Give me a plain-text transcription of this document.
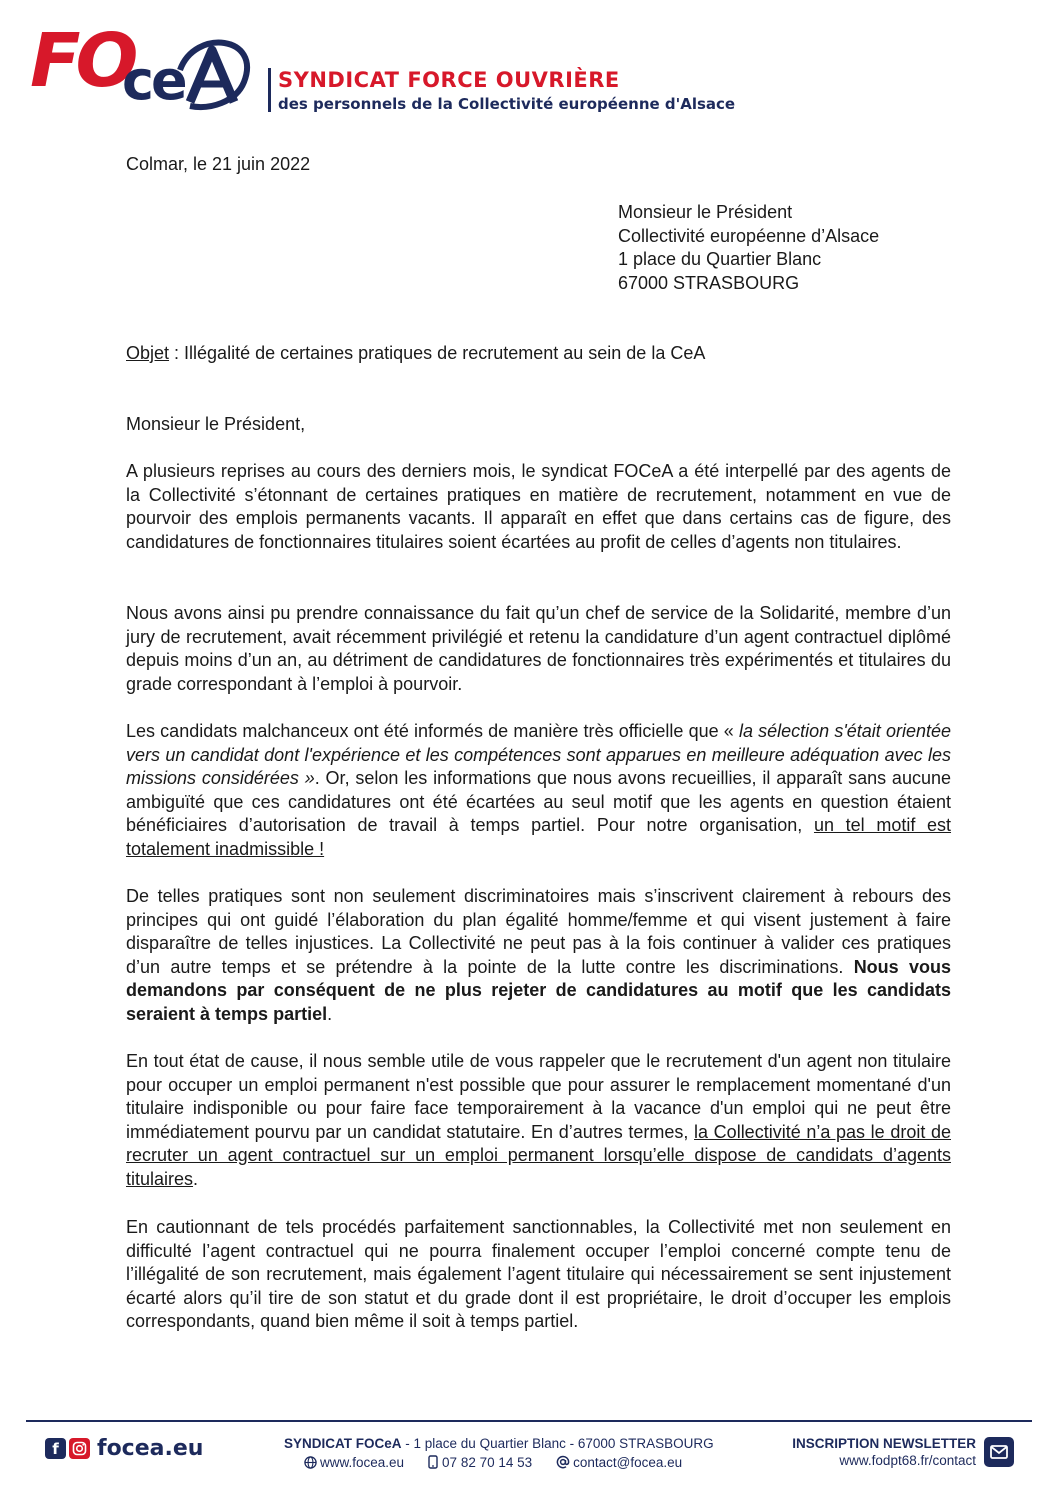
FO
ce	SYNDICAT FORCE OUVRIÈRE
des personnels de la Collectivité européenne d'Alsace
Colmar, le 21 juin 2022
Monsieur le Président
Collectivité européenne d’Alsace
1 place du Quartier Blanc
67000 STRASBOURG
Objet : Illégalité de certaines pratiques de recrutement au sein de la CeA
Monsieur le Président,
A plusieurs reprises au cours des derniers mois, le syndicat FOCeA a été interpellé par des agents de la Collectivité s’étonnant de certaines pratiques en matière de recrutement, notamment en vue de pourvoir des emplois permanents vacants. Il apparaît en effet que dans certains cas de figure, des candidatures de fonctionnaires titulaires soient écartées au profit de celles d’agents non titulaires.
Nous avons ainsi pu prendre connaissance du fait qu’un chef de service de la Solidarité, membre d’un jury de recrutement, avait récemment privilégié et retenu la candidature d’un agent contractuel diplômé depuis moins d’un an, au détriment de candidatures de fonctionnaires très expérimentés et titulaires du grade correspondant à l’emploi à pourvoir.
Les candidats malchanceux ont été informés de manière très officielle que « la sélection s'était orientée vers un candidat dont l'expérience et les compétences sont apparues en meilleure adéquation avec les missions considérées ». Or, selon les informations que nous avons recueillies, il apparaît sans aucune ambiguïté que ces candidatures ont été écartées au seul motif que les agents en question étaient bénéficiaires d’autorisation de travail à temps partiel. Pour notre organisation, un tel motif est totalement inadmissible !
De telles pratiques sont non seulement discriminatoires mais s’inscrivent clairement à rebours des principes qui ont guidé l’élaboration du plan égalité homme/femme et qui visent justement à faire disparaître de telles injustices. La Collectivité ne peut pas à la fois continuer à valider ces pratiques d’un autre temps et se prétendre à la pointe de la lutte contre les discriminations. Nous vous demandons par conséquent de ne plus rejeter de candidatures au motif que les candidats seraient à temps partiel.
En tout état de cause, il nous semble utile de vous rappeler que le recrutement d'un agent non titulaire pour occuper un emploi permanent n'est possible que pour assurer le remplacement momentané d'un titulaire indisponible ou pour faire face temporairement à la vacance d'un emploi qui ne peut être immédiatement pourvu par un candidat statutaire. En d’autres termes, la Collectivité n’a pas le droit de recruter un agent contractuel sur un emploi permanent lorsqu’elle dispose de candidats d’agents titulaires.
En cautionnant de tels procédés parfaitement sanctionnables, la Collectivité met non seulement en difficulté l’agent contractuel qui ne pourra finalement occuper l’emploi concerné compte tenu de l’illégalité de son recrutement, mais également l’agent titulaire qui nécessairement se sent injustement écarté alors qu’il tire de son statut et du grade dont il est propriétaire, le droit d’occuper les emplois correspondants, quand bien même il soit à temps partiel.
f	focea.eu	SYNDICAT FOCeA - 1 place du Quartier Blanc - 67000 STRASBOURG
www.focea.eu	07 82 70 14 53	contact@focea.eu
INSCRIPTION NEWSLETTER
www.fodpt68.fr/contact
